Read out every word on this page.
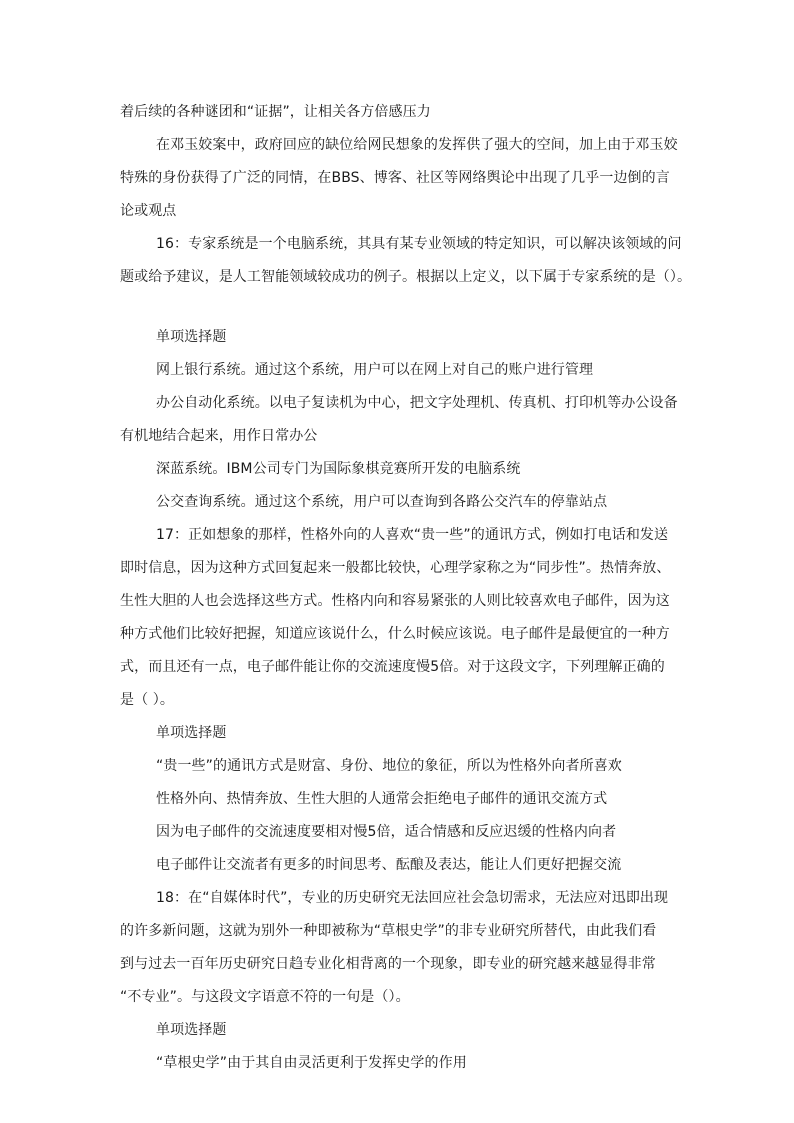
着后续的各种谜团和“证据”，让相关各方倍感压力
在邓玉姣案中，政府回应的缺位给网民想象的发挥供了强大的空间，加上由于邓玉姣
特殊的身份获得了广泛的同情，在BBS、博客、社区等网络舆论中出现了几乎一边倒的言
论或观点
16：专家系统是一个电脑系统，其具有某专业领域的特定知识，可以解决该领域的问
题或给予建议，是人工智能领域较成功的例子。根据以上定义，以下属于专家系统的是（）。
单项选择题
网上银行系统。通过这个系统，用户可以在网上对自己的账户进行管理
办公自动化系统。以电子复读机为中心，把文字处理机、传真机、打印机等办公设备
有机地结合起来，用作日常办公
深蓝系统。IBM公司专门为国际象棋竞赛所开发的电脑系统
公交查询系统。通过这个系统，用户可以查询到各路公交汽车的停靠站点
17：正如想象的那样，性格外向的人喜欢“贵一些”的通讯方式，例如打电话和发送
即时信息，因为这种方式回复起来一般都比较快，心理学家称之为“同步性”。热情奔放、
生性大胆的人也会选择这些方式。性格内向和容易紧张的人则比较喜欢电子邮件，因为这
种方式他们比较好把握，知道应该说什么，什么时候应该说。电子邮件是最便宜的一种方
式，而且还有一点，电子邮件能让你的交流速度慢5倍。对于这段文字，下列理解正确的
是（ ）。
单项选择题
“贵一些”的通讯方式是财富、身份、地位的象征，所以为性格外向者所喜欢
性格外向、热情奔放、生性大胆的人通常会拒绝电子邮件的通讯交流方式
因为电子邮件的交流速度要相对慢5倍，适合情感和反应迟缓的性格内向者
电子邮件让交流者有更多的时间思考、酝酿及表达，能让人们更好把握交流
18：在“自媒体时代”，专业的历史研究无法回应社会急切需求，无法应对迅即出现
的许多新问题，这就为别外一种即被称为“草根史学”的非专业研究所替代，由此我们看
到与过去一百年历史研究日趋专业化相背离的一个现象，即专业的研究越来越显得非常
“不专业”。与这段文字语意不符的一句是（）。
单项选择题
“草根史学”由于其自由灵活更利于发挥史学的作用
